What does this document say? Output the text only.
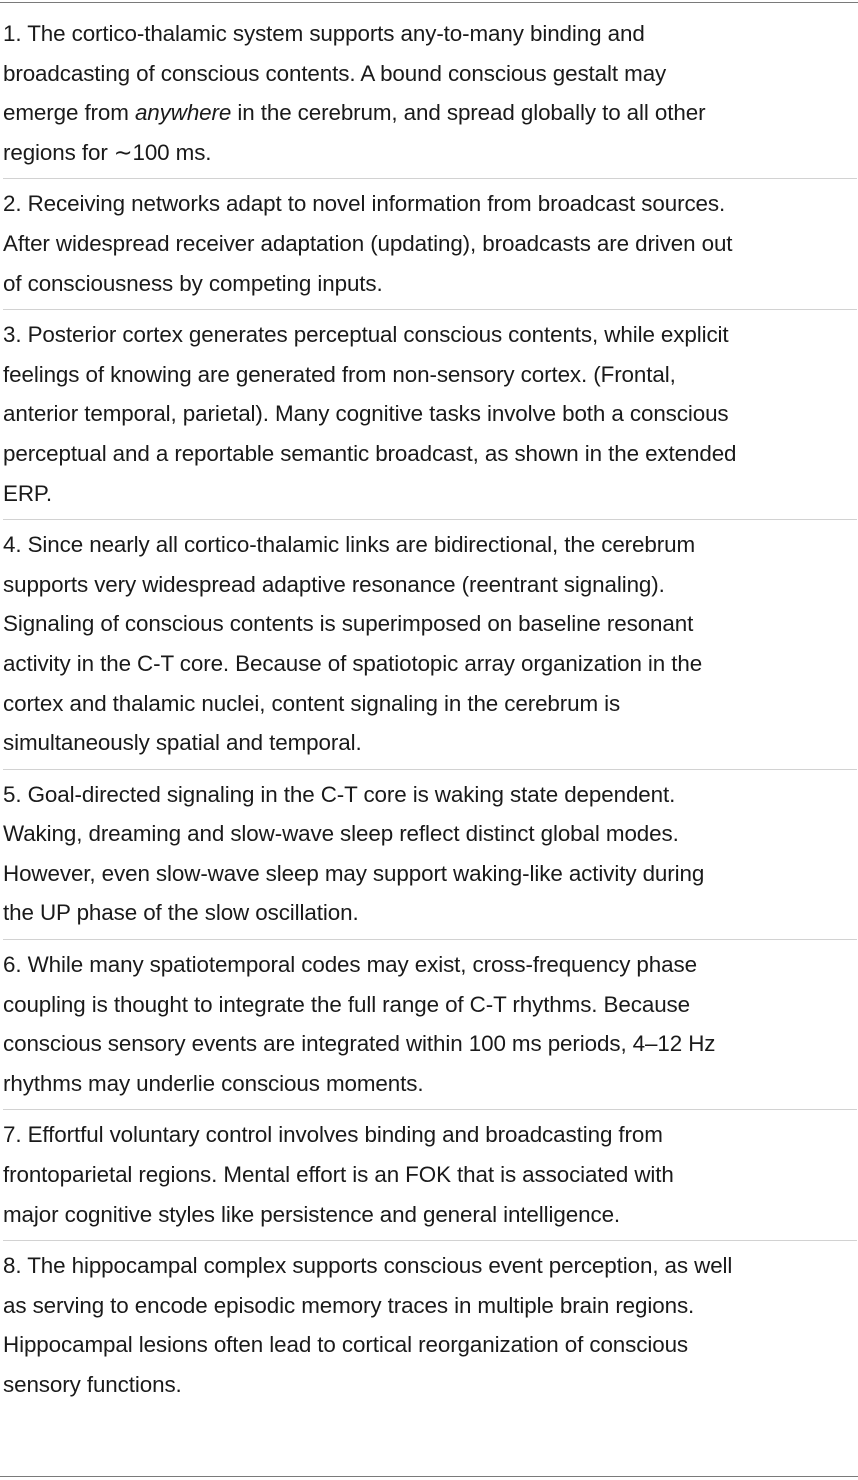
1. The cortico-thalamic system supports any-to-many binding and
broadcasting of conscious contents. A bound conscious gestalt may
emerge from anywhere in the cerebrum, and spread globally to all other
regions for ∼100 ms.
2. Receiving networks adapt to novel information from broadcast sources.
After widespread receiver adaptation (updating), broadcasts are driven out
of consciousness by competing inputs.
3. Posterior cortex generates perceptual conscious contents, while explicit
feelings of knowing are generated from non-sensory cortex. (Frontal,
anterior temporal, parietal). Many cognitive tasks involve both a conscious
perceptual and a reportable semantic broadcast, as shown in the extended
ERP.
4. Since nearly all cortico-thalamic links are bidirectional, the cerebrum
supports very widespread adaptive resonance (reentrant signaling).
Signaling of conscious contents is superimposed on baseline resonant
activity in the C-T core. Because of spatiotopic array organization in the
cortex and thalamic nuclei, content signaling in the cerebrum is
simultaneously spatial and temporal.
5. Goal-directed signaling in the C-T core is waking state dependent.
Waking, dreaming and slow-wave sleep reflect distinct global modes.
However, even slow-wave sleep may support waking-like activity during
the UP phase of the slow oscillation.
6. While many spatiotemporal codes may exist, cross-frequency phase
coupling is thought to integrate the full range of C-T rhythms. Because
conscious sensory events are integrated within 100 ms periods, 4–12 Hz
rhythms may underlie conscious moments.
7. Effortful voluntary control involves binding and broadcasting from
frontoparietal regions. Mental effort is an FOK that is associated with
major cognitive styles like persistence and general intelligence.
8. The hippocampal complex supports conscious event perception, as well
as serving to encode episodic memory traces in multiple brain regions.
Hippocampal lesions often lead to cortical reorganization of conscious
sensory functions.
